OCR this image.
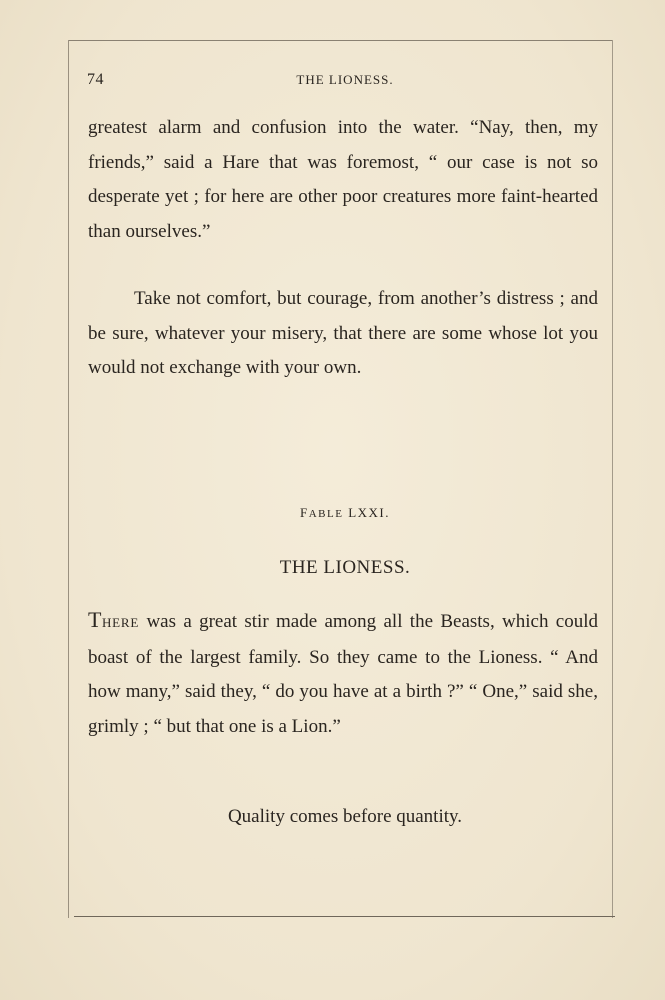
74	THE LIONESS.
greatest alarm and confusion into the water. “Nay, then, my friends,” said a Hare that was foremost, “ our case is not so desperate yet ; for here are other poor creatures more faint-hearted than ourselves.”
Take not comfort, but courage, from another’s distress ; and be sure, whatever your misery, that there are some whose lot you would not exchange with your own.
FABLE LXXI.
THE LIONESS.
THERE was a great stir made among all the Beasts, which could boast of the largest family. So they came to the Lioness. “ And how many,” said they, “ do you have at a birth ?” “ One,” said she, grimly ; “ but that one is a Lion.”
Quality comes before quantity.
